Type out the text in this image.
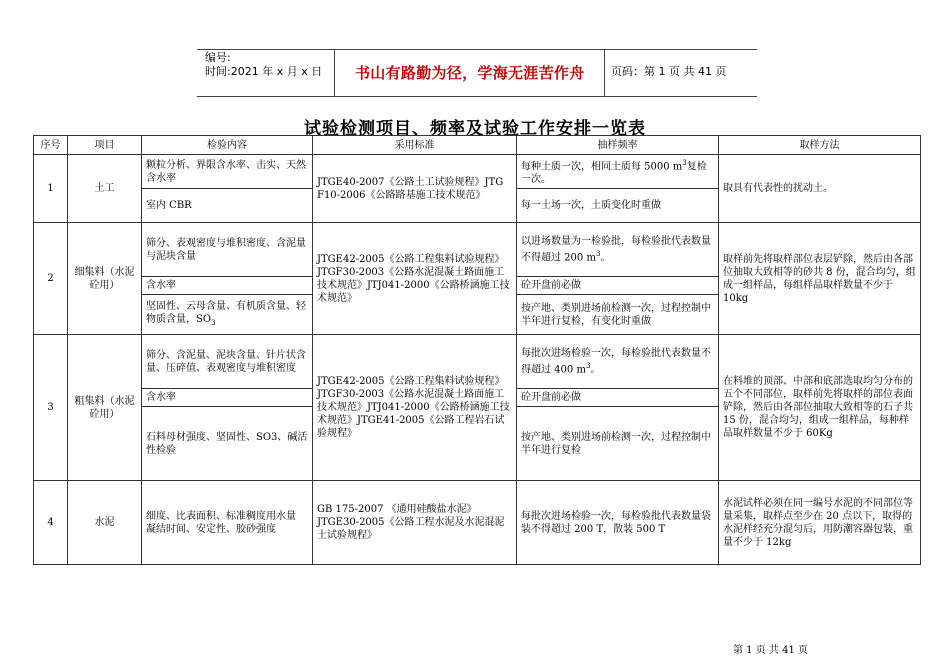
编号:
时间:2021 年 x 月 x 日 书山有路勤为径，学海无涯苦作舟 页码：第 1 页 共 41 页
试验检测项目、频率及试验工作安排一览表
序号	项目	检验内容	采用标准	抽样频率	取样方法
1	土工	颗粒分析、界限含水率、击实、天然含水率	JTGE40-2007《公路土工试验规程》JTG F10-2006《公路路基施工技术规范》	每种土质一次，相同土质每 5000 $m^3$复检一次。	取具有代表性的扰动土。
		室内 CBR		每一土场一次，土质变化时重做	
2	细集料（水泥砼用）	筛分、表观密度与堆积密度、含泥量与泥块含量	JTGE42-2005《公路工程集料试验规程》JTGF30-2003《公路水泥混凝土路面施工技术规范》JTJ041-2000《公路桥涵施工技术规范》	以进场数量为一检验批，每检验批代表数量不得超过 200 $m^3$。	取样前先将取样部位表层铲除，然后由各部位抽取大致相等的砂共 8 份，混合均匀，组成一组样品，每组样品取样数量不少于 10kg
		含水率		砼开盘前必做	
		坚固性、云母含量、有机质含量、轻物质含量，$SO_3$		按产地、类别进场前检测一次，过程控制中半年进行复检，有变化时重做	
3	粗集料（水泥砼用）	筛分、含泥量、泥块含量、针片状含量、压碎值、表观密度与堆积密度	JTGE42-2005《公路工程集料试验规程》JTGF30-2003《公路水泥混凝土路面施工技术规范》JTJ041-2000《公路桥涵施工技术规范》JTGE41-2005《公路工程岩石试验规程》	每批次进场检验一次，每检验批代表数量不得超过 400 $m^3$。	在料堆的顶部、中部和底部选取均匀分布的五个不同部位，取样前先将取样的部位表面铲除，然后由各部位抽取大致相等的石子共 15 份，混合均匀，组成一组样品，每种样品取样数量不少于 60Kg
		含水率		砼开盘前必做	
		石料母材强度、坚固性、SO3、碱活性检验		按产地、类别进场前检测一次，过程控制中半年进行复检	
4	水泥	细度、比表面积、标准稠度用水量
凝结时间、安定性、胶砂强度	GB 175-2007 《通用硅酸盐水泥》JTGE30-2005《公路工程水泥及水泥混泥土试验规程》	每批次进场检验一次，每检验批代表数量袋装不得超过 200 T，散装 500 T	水泥试样必须在同一编号水泥的不同部位等量采集，取样点至少在 20 点以下，取得的水泥样经充分混匀后，用防潮容器包装，重量不少于 12kg
第 1 页 共 41 页
